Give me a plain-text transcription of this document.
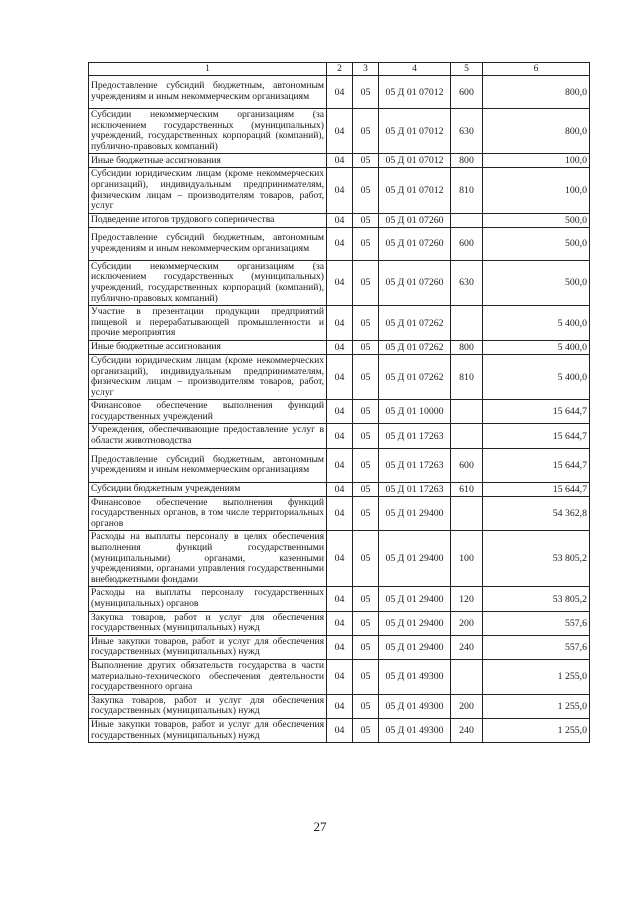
1	2	3	4	5	6
Предоставление субсидий бюджетным, автономным учреждениям и иным некоммерческим организациям	04	05	05 Д 01 07012	600	800,0
Субсидии некоммерческим организациям (за исключением государственных (муниципальных) учреждений, государственных корпораций (компаний), публично-правовых компаний)	04	05	05 Д 01 07012	630	800,0
Иные бюджетные ассигнования	04	05	05 Д 01 07012	800	100,0
Субсидии юридическим лицам (кроме некоммерческих организаций), индивидуальным предпринимателям, физическим лицам – производителям товаров, работ, услуг	04	05	05 Д 01 07012	810	100,0
Подведение итогов трудового соперничества	04	05	05 Д 01 07260		500,0
Предоставление субсидий бюджетным, автономным учреждениям и иным некоммерческим организациям	04	05	05 Д 01 07260	600	500,0
Субсидии некоммерческим организациям (за исключением государственных (муниципальных) учреждений, государственных корпораций (компаний), публично-правовых компаний)	04	05	05 Д 01 07260	630	500,0
Участие в презентации продукции предприятий пищевой и перерабатывающей промышленности и прочие мероприятия	04	05	05 Д 01 07262		5 400,0
Иные бюджетные ассигнования	04	05	05 Д 01 07262	800	5 400,0
Субсидии юридическим лицам (кроме некоммерческих организаций), индивидуальным предпринимателям, физическим лицам – производителям товаров, работ, услуг	04	05	05 Д 01 07262	810	5 400,0
Финансовое обеспечение выполнения функций государственных учреждений	04	05	05 Д 01 10000		15 644,7
Учреждения, обеспечивающие предоставление услуг в области животноводства	04	05	05 Д 01 17263		15 644,7
Предоставление субсидий бюджетным, автономным учреждениям и иным некоммерческим организациям	04	05	05 Д 01 17263	600	15 644,7
Субсидии бюджетным учреждениям	04	05	05 Д 01 17263	610	15 644,7
Финансовое обеспечение выполнения функций государственных органов, в том числе территориальных органов	04	05	05 Д 01 29400		54 362,8
Расходы на выплаты персоналу в целях обеспечения выполнения функций государственными (муниципальными) органами, казенными учреждениями, органами управления государственными внебюджетными фондами	04	05	05 Д 01 29400	100	53 805,2
Расходы на выплаты персоналу государственных (муниципальных) органов	04	05	05 Д 01 29400	120	53 805,2
Закупка товаров, работ и услуг для обеспечения государственных (муниципальных) нужд	04	05	05 Д 01 29400	200	557,6
Иные закупки товаров, работ и услуг для обеспечения государственных (муниципальных) нужд	04	05	05 Д 01 29400	240	557,6
Выполнение других обязательств государства в части материально-технического обеспечения деятельности государственного органа	04	05	05 Д 01 49300		1 255,0
Закупка товаров, работ и услуг для обеспечения государственных (муниципальных) нужд	04	05	05 Д 01 49300	200	1 255,0
Иные закупки товаров, работ и услуг для обеспечения государственных (муниципальных) нужд	04	05	05 Д 01 49300	240	1 255,0
27
